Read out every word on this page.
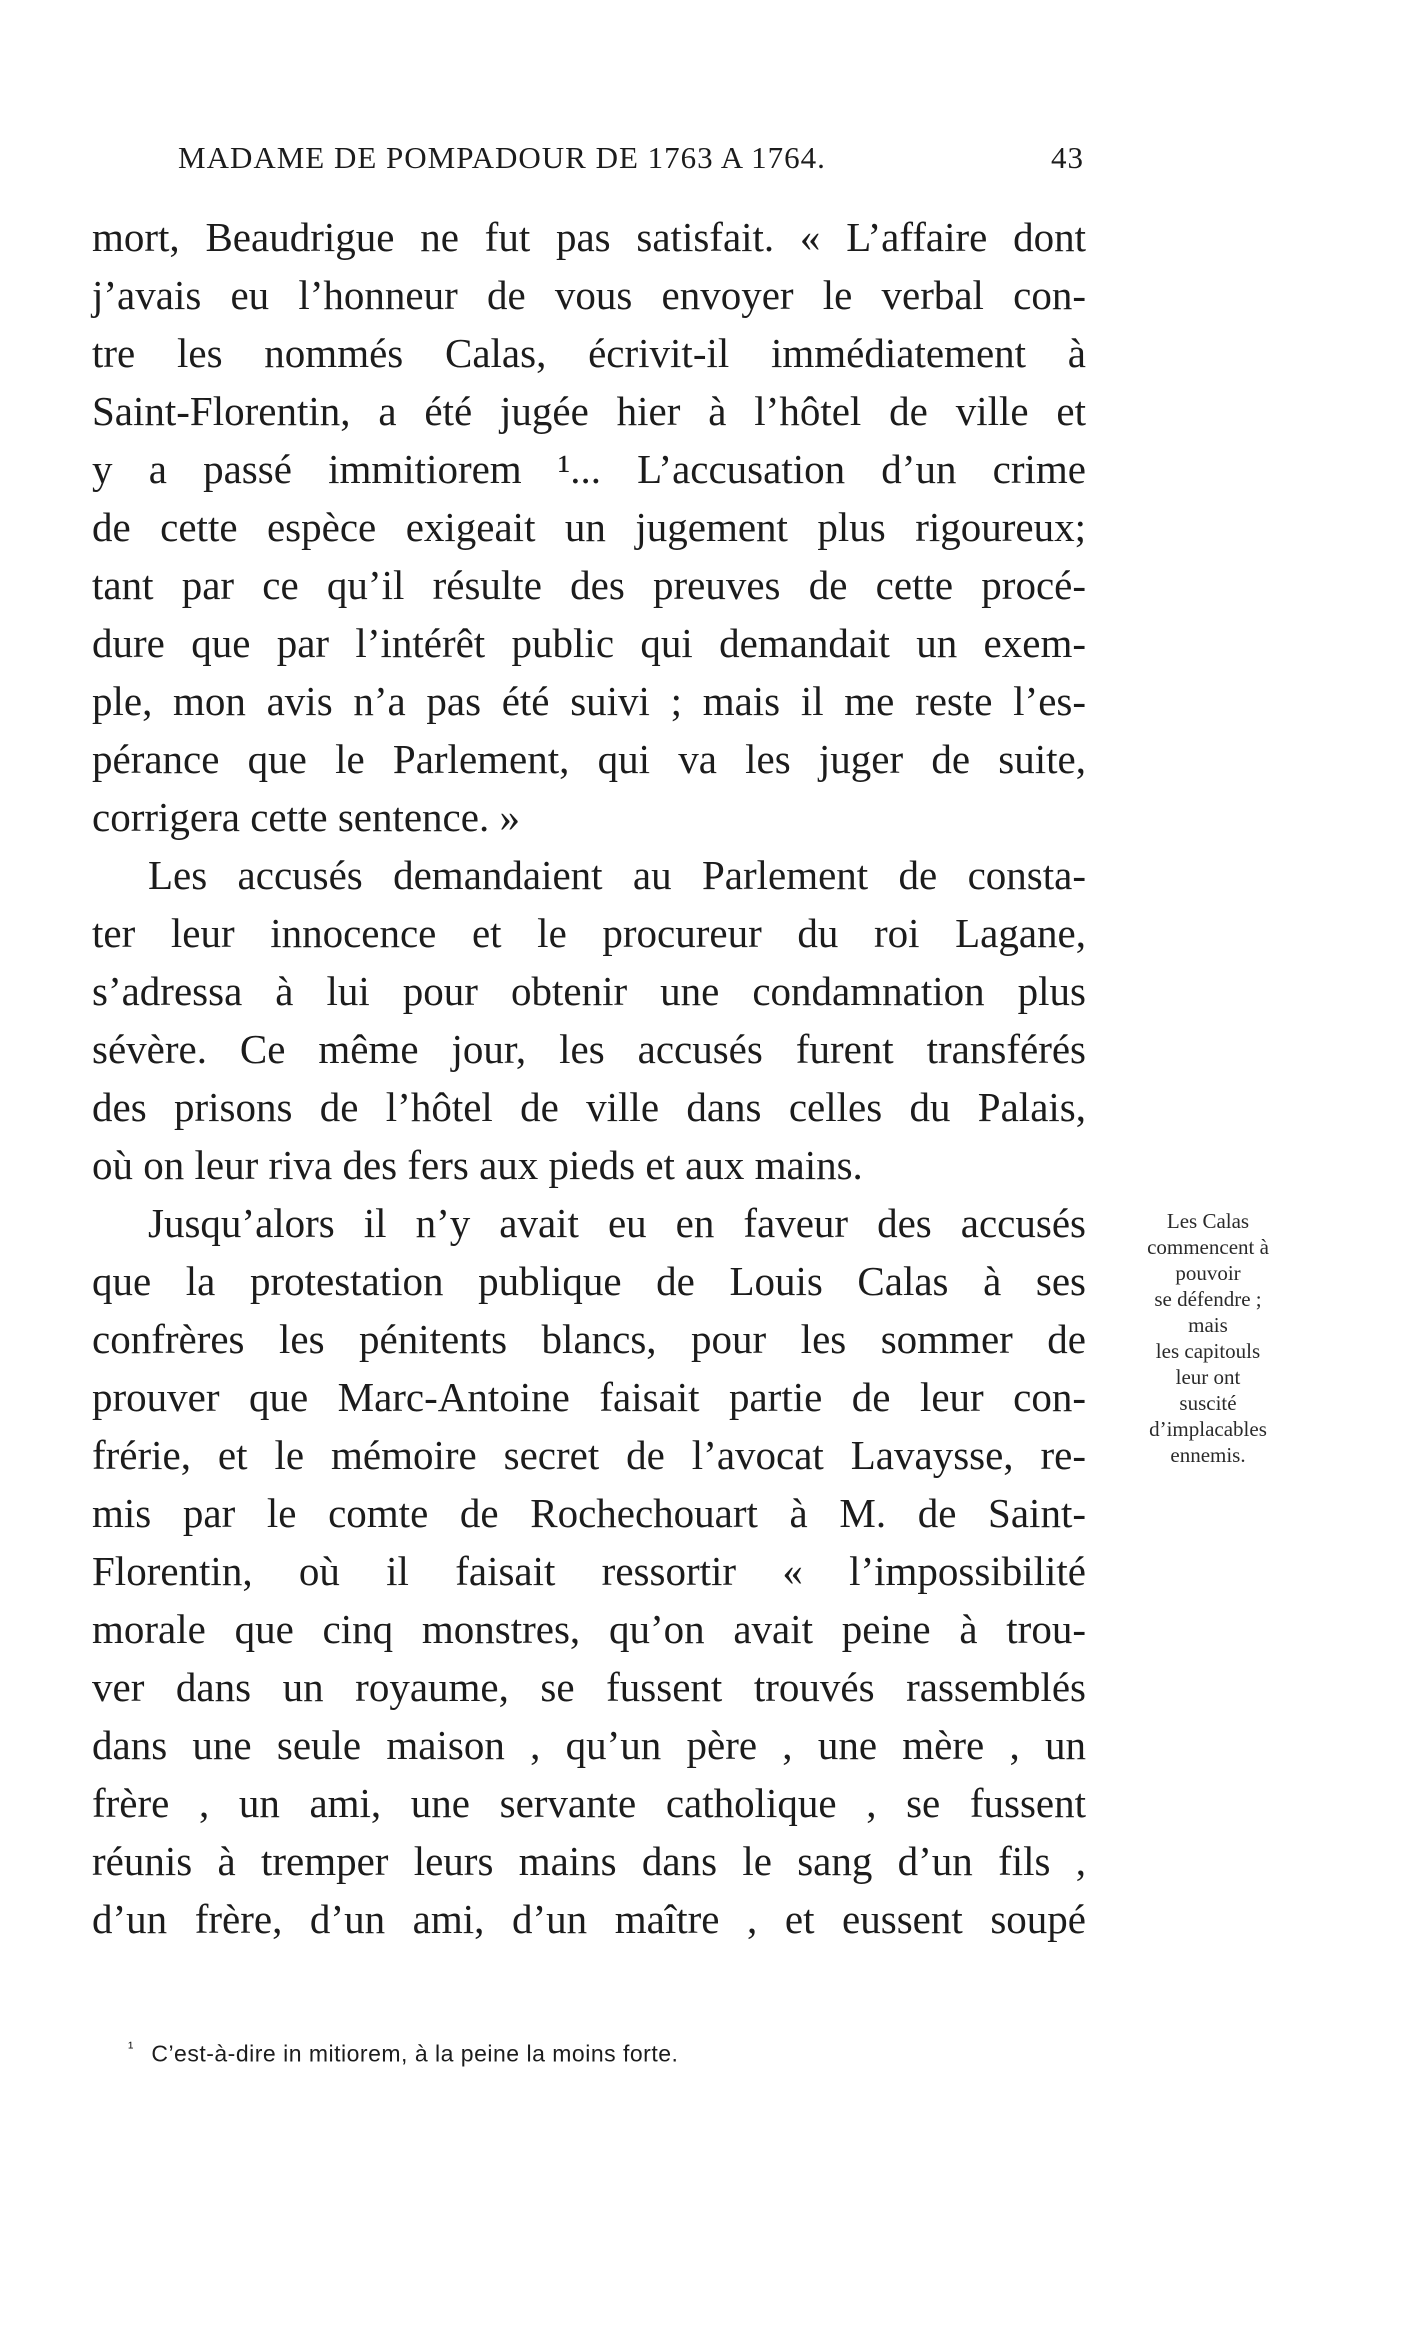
MADAME DE POMPADOUR DE 1763 A 1764.	43
mort, Beaudrigue ne fut pas satisfait. « L’affaire dont
j’avais eu l’honneur de vous envoyer le verbal con-
tre les nommés Calas, écrivit-il immédiatement à
Saint-Florentin, a été jugée hier à l’hôtel de ville et
y a passé immitiorem ¹... L’accusation d’un crime
de cette espèce exigeait un jugement plus rigoureux;
tant par ce qu’il résulte des preuves de cette procé-
dure que par l’intérêt public qui demandait un exem-
ple, mon avis n’a pas été suivi ; mais il me reste l’es-
pérance que le Parlement, qui va les juger de suite,
corrigera cette sentence. »
Les accusés demandaient au Parlement de consta-
ter leur innocence et le procureur du roi Lagane,
s’adressa à lui pour obtenir une condamnation plus
sévère. Ce même jour, les accusés furent transférés
des prisons de l’hôtel de ville dans celles du Palais,
où on leur riva des fers aux pieds et aux mains.
Jusqu’alors il n’y avait eu en faveur des accusés
que la protestation publique de Louis Calas à ses
confrères les pénitents blancs, pour les sommer de
prouver que Marc-Antoine faisait partie de leur con-
frérie, et le mémoire secret de l’avocat Lavaysse, re-
mis par le comte de Rochechouart à M. de Saint-
Florentin, où il faisait ressortir « l’impossibilité
morale que cinq monstres, qu’on avait peine à trou-
ver dans un royaume, se fussent trouvés rassemblés
dans une seule maison , qu’un père , une mère , un
frère , un ami, une servante catholique , se fussent
réunis à tremper leurs mains dans le sang d’un fils ,
d’un frère, d’un ami, d’un maître , et eussent soupé
Les Calas
commencent à
pouvoir
se défendre ;
mais
les capitouls
leur ont
suscité
d’implacables
ennemis.
$^{^1}$ C’est-à-dire in mitiorem, à la peine la moins forte.
